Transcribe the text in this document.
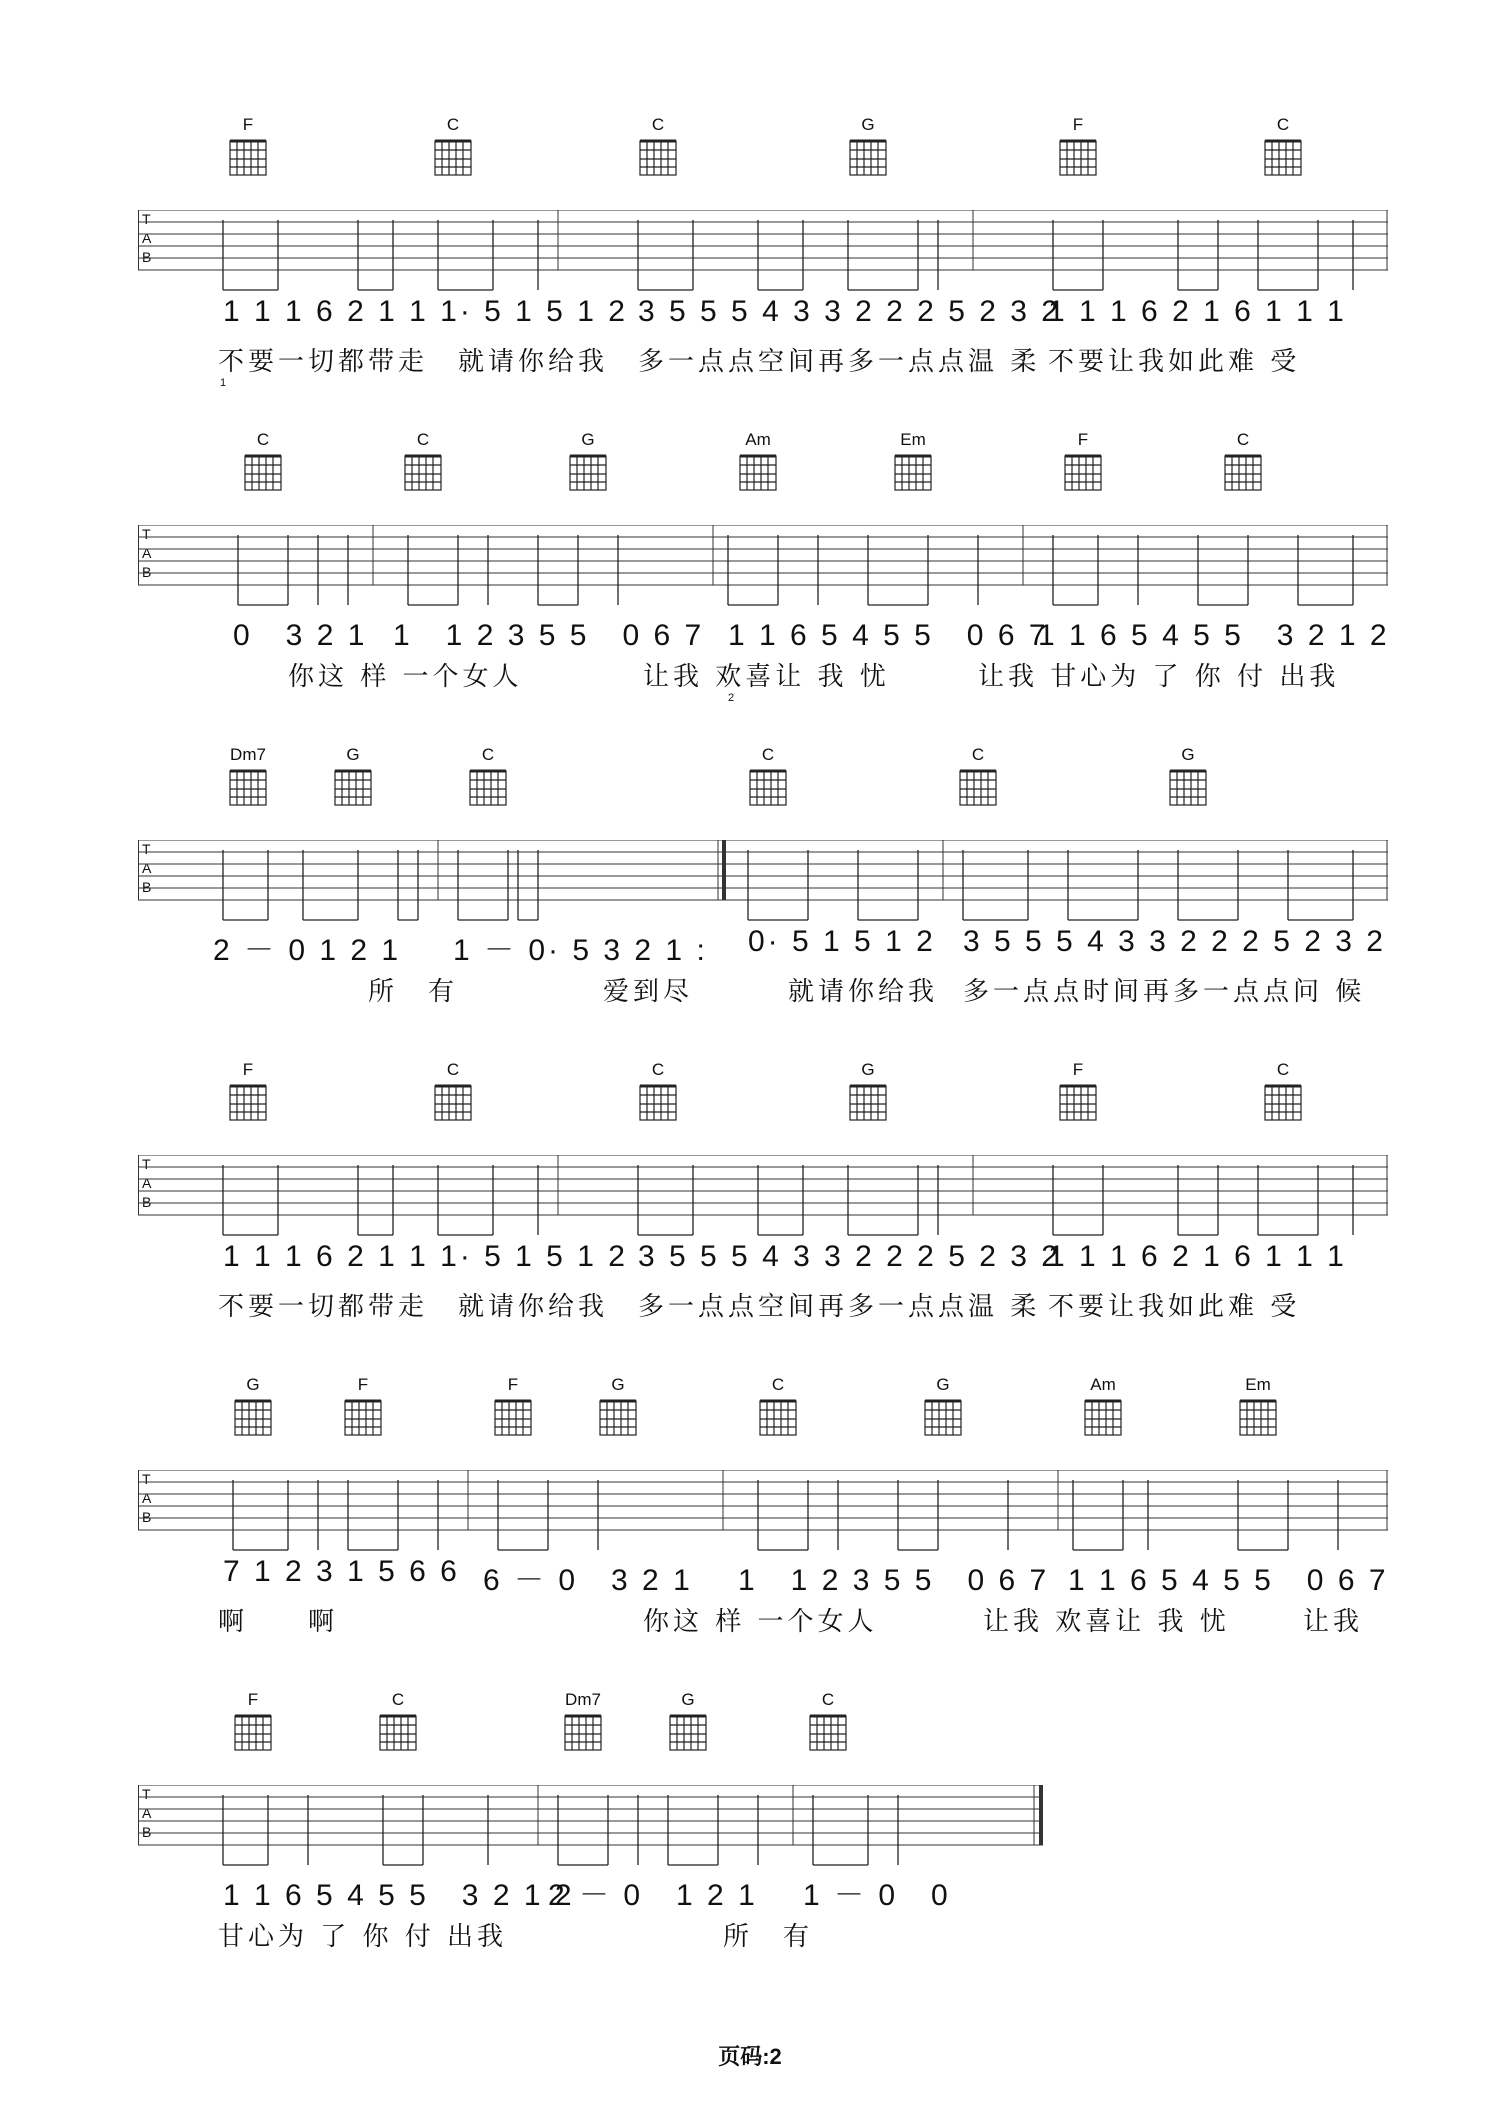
F	C	C	G	F	C
T
A
B
1 1 1 6 2 1 1 1· 5 1 5 1 2 3 5 5 5 4 3 3 2 2 2 5 2 3 2
1 1 1 6 2 1 6 1 1 1
不要一切都带走　就请你给我 多一点点空间再多一点点温 柔 不要让我如此难 受
1
C	C	G	Am	Em	F	C
T
A
B
0　3 2 1 1　1 2 3 5 5　0 6 7 1 1 6 5 4 5 5　0 6 7
1 1 6 5 4 5 5　3 2 1 2
你这 样 一个女人	让我 欢喜让 我 忧	让我 甘心为 了 你 付 出我
2
Dm7	G	C	C	C	G
T
A
B
2 － 0 1 2 1 1 － 0· 5 3 2 1 : 0· 5 1 5 1 2 3 5 5 5 4 3 3 2 2 2 5 2 3 2
所　有	爱到尽	就请你给我 多一点点时间再多一点点问 候
F	C	C	G	F	C
T
A
B
1 1 1 6 2 1 1 1· 5 1 5 1 2 3 5 5 5 4 3 3 2 2 2 5 2 3 2
1 1 1 6 2 1 6 1 1 1
不要一切都带走　就请你给我 多一点点空间再多一点点温 柔 不要让我如此难 受
G	F	F	G	C	G	Am	Em
T
A
B
7 1 2 3 1 5 6 6 6 － 0　3 2 1 1　1 2 3 5 5　0 6 7 1 1 6 5 4 5 5　0 6 7
啊　　啊	你这 样 一个女人	让我 欢喜让 我 忧	让我
F	C	Dm7	G	C
T
A
B
1 1 6 5 4 5 5　3 2 1 2
2 － 0　1 2 1 1 － 0　0
甘心为 了 你 付 出我	所　有
页码:2
